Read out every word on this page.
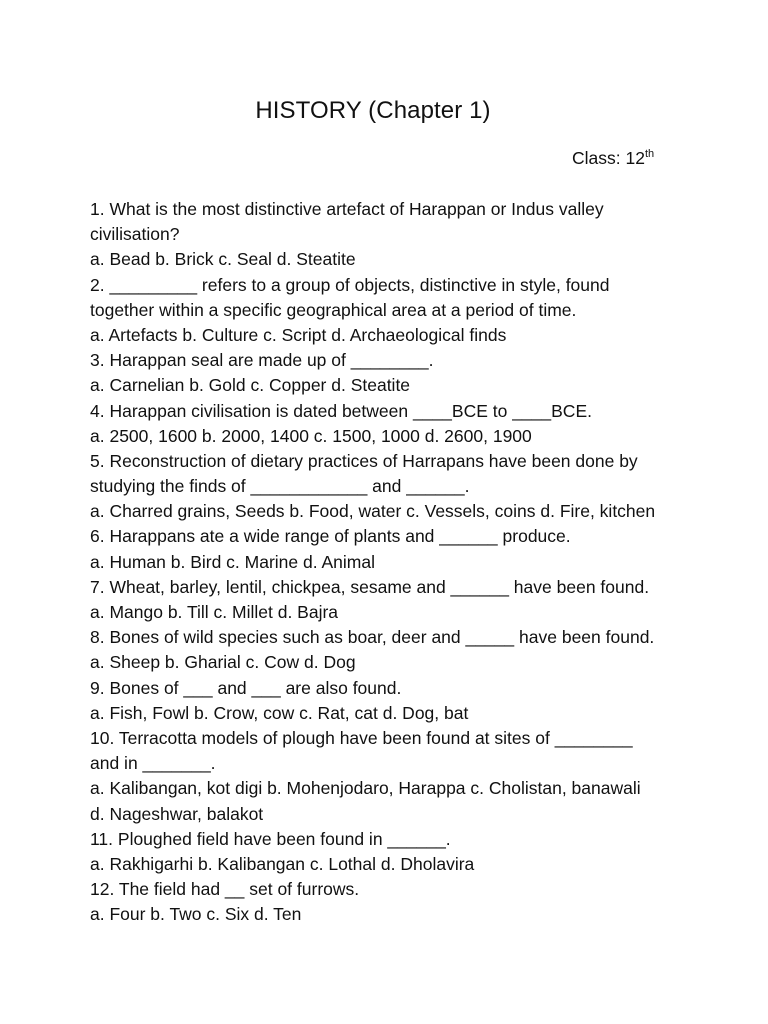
HISTORY (Chapter 1)
Class: 12th
1. What is the most distinctive artefact of Harappan or Indus valley
civilisation?
a. Bead b. Brick c. Seal d. Steatite
2. _________ refers to a group of objects, distinctive in style, found
together within a specific geographical area at a period of time.
a. Artefacts b. Culture c. Script d. Archaeological finds
3. Harappan seal are made up of ________.
a. Carnelian b. Gold c. Copper d. Steatite
4. Harappan civilisation is dated between ____BCE to ____BCE.
a. 2500, 1600 b. 2000, 1400 c. 1500, 1000 d. 2600, 1900
5. Reconstruction of dietary practices of Harrapans have been done by
studying the finds of ____________ and ______.
a. Charred grains, Seeds b. Food, water c. Vessels, coins d. Fire, kitchen
6. Harappans ate a wide range of plants and ______ produce.
a. Human b. Bird c. Marine d. Animal
7. Wheat, barley, lentil, chickpea, sesame and ______ have been found.
a. Mango b. Till c. Millet d. Bajra
8. Bones of wild species such as boar, deer and _____ have been found.
a. Sheep b. Gharial c. Cow d. Dog
9. Bones of ___ and ___ are also found.
a. Fish, Fowl b. Crow, cow c. Rat, cat d. Dog, bat
10. Terracotta models of plough have been found at sites of ________
and in _______.
a. Kalibangan, kot digi b. Mohenjodaro, Harappa c. Cholistan, banawali
d. Nageshwar, balakot
11. Ploughed field have been found in ______.
a. Rakhigarhi b. Kalibangan c. Lothal d. Dholavira
12. The field had __ set of furrows.
a. Four b. Two c. Six d. Ten
